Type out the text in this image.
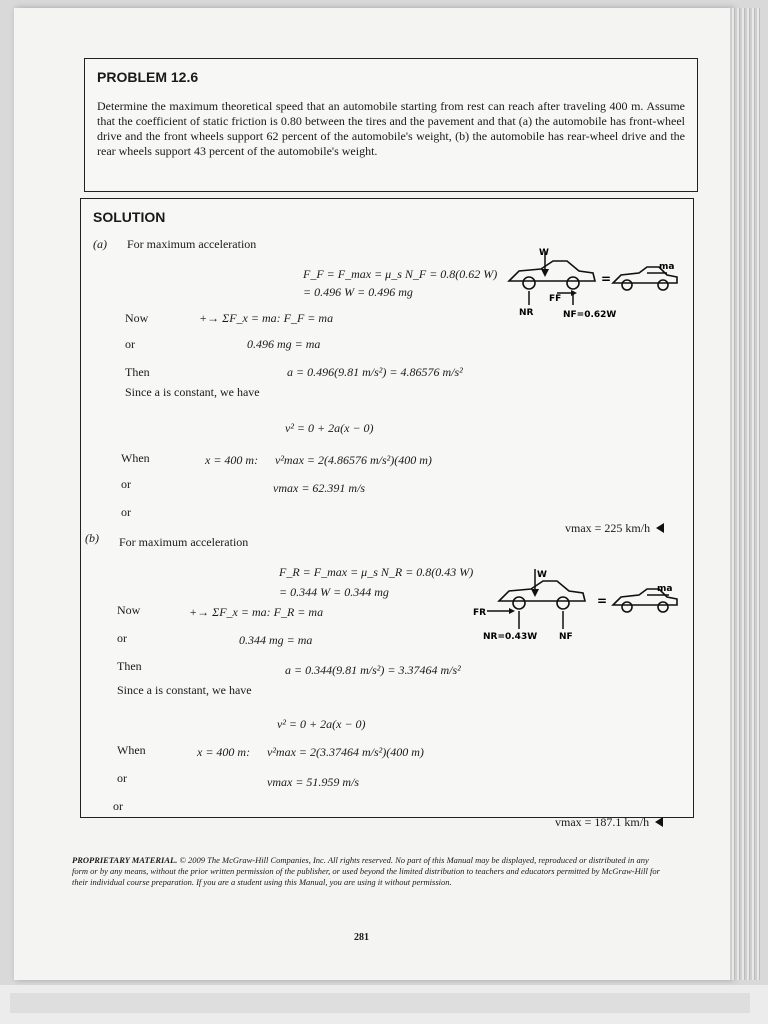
PROBLEM 12.6
Determine the maximum theoretical speed that an automobile starting from rest can reach after traveling 400 m. Assume that the coefficient of static friction is 0.80 between the tires and the pavement and that (a) the automobile has front-wheel drive and the front wheels support 62 percent of the automobile's weight, (b) the automobile has rear-wheel drive and the rear wheels support 43 percent of the automobile's weight.
SOLUTION
(a) For maximum acceleration
F_F = F_max = μ_s N_F = 0.8(0.62 W)
= 0.496 W = 0.496 mg
Now	+→ ΣF_x = ma: F_F = ma
or	0.496 mg = ma
Then	a = 0.496(9.81 m/s²) = 4.86576 m/s²
Since a is constant, we have
v² = 0 + 2a(x − 0)
When	x = 400 m: v²max = 2(4.86576 m/s²)(400 m)
or	vmax = 62.391 m/s
or
vmax = 225 km/h
W
NR
FF
NF=0.62W
=
ma
(b) For maximum acceleration
F_R = F_max = μ_s N_R = 0.8(0.43 W)
= 0.344 W = 0.344 mg
Now	+→ ΣF_x = ma: F_R = ma
or	0.344 mg = ma
Then	a = 0.344(9.81 m/s²) = 3.37464 m/s²
Since a is constant, we have
v² = 0 + 2a(x − 0)
When	x = 400 m: v²max = 2(3.37464 m/s²)(400 m)
or	vmax = 51.959 m/s
or
vmax = 187.1 km/h
W
FR
NR=0.43W NF
=
ma
PROPRIETARY MATERIAL. © 2009 The McGraw-Hill Companies, Inc. All rights reserved. No part of this Manual may be displayed, reproduced or distributed in any form or by any means, without the prior written permission of the publisher, or used beyond the limited distribution to teachers and educators permitted by McGraw-Hill for their individual course preparation. If you are a student using this Manual, you are using it without permission.
281
